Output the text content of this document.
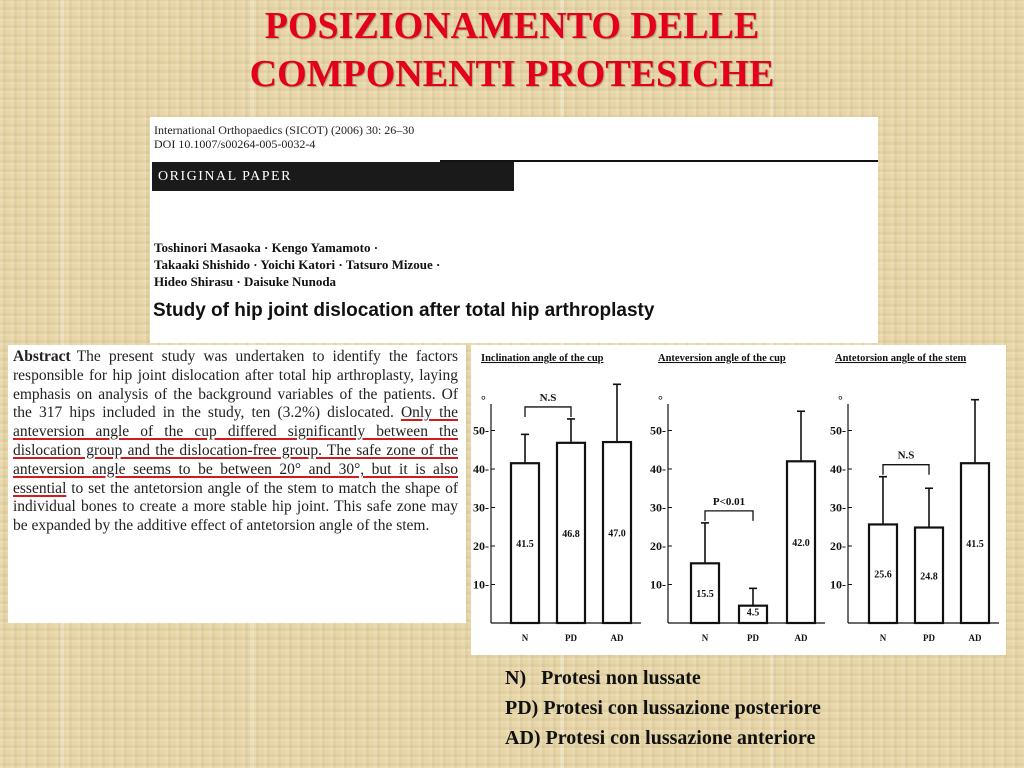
POSIZIONAMENTO DELLE
COMPONENTI PROTESICHE
International Orthopaedics (SICOT) (2006) 30: 26–30
DOI 10.1007/s00264-005-0032-4
ORIGINAL PAPER
Toshinori Masaoka · Kengo Yamamoto ·
Takaaki Shishido · Yoichi Katori · Tatsuro Mizoue ·
Hideo Shirasu · Daisuke Nunoda
Study of hip joint dislocation after total hip arthroplasty
Abstract The present study was undertaken to identify the factors responsible for hip joint dislocation after total hip arthroplasty, laying emphasis on analysis of the background variables of the patients. Of the 317 hips included in the study, ten (3.2%) dislocated. Only the anteversion angle of the cup differed significantly between the dislocation group and the dislocation-free group. The safe zone of the anteversion angle seems to be between 20° and 30°, but it is also essential to set the antetorsion angle of the stem to match the shape of individual bones to create a more stable hip joint. This safe zone may be expanded by the additive effect of antetorsion angle of the stem.
Inclination angle of the cup
°
10-
20-
30-
40-
50-
41.5
N
46.8
PD
47.0
AD
N.S
Anteversion angle of the cup
°
10-
20-
30-
40-
50-
15.5
N
4.5
PD
42.0
AD
P<0.01
Antetorsion angle of the stem
°
10-
20-
30-
40-
50-
25.6
N
24.8
PD
41.5
AD
N.S
N)   Protesi non lussate
PD) Protesi con lussazione posteriore
AD) Protesi con lussazione anteriore
